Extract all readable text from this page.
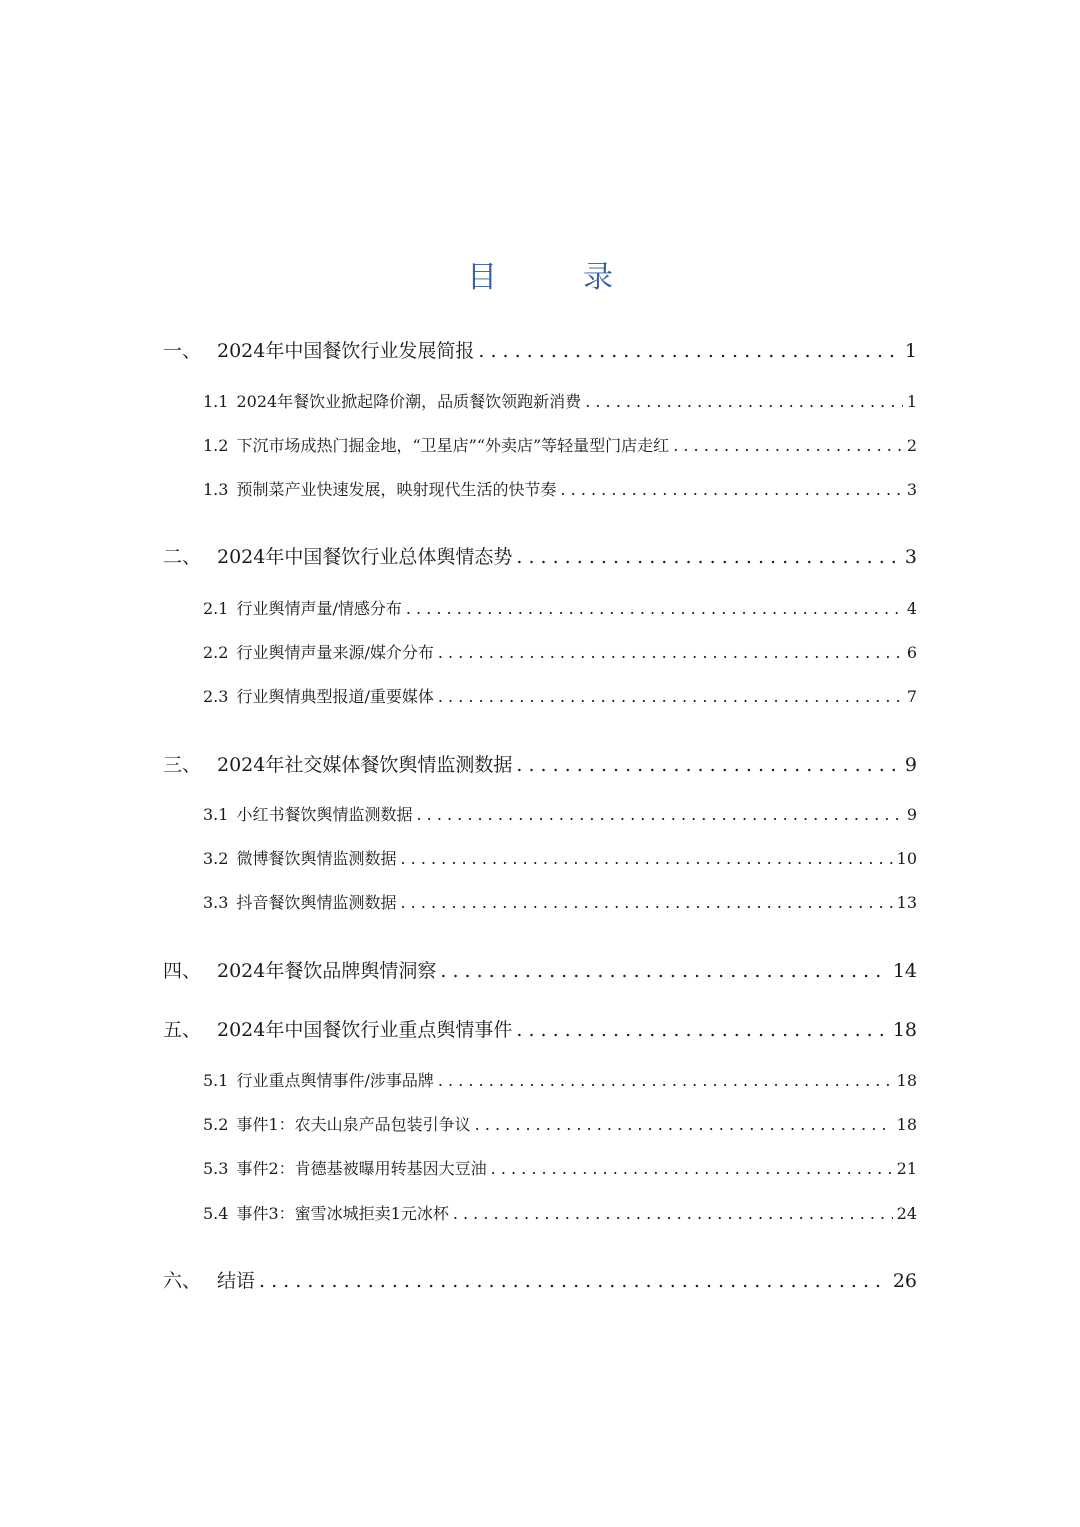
目　录
一、 2024年中国餐饮行业发展简报 . . .	1
1.1 2024年餐饮业掀起降价潮，品质餐饮领跑新消费 . . .	1
1.2 下沉市场成热门掘金地，“卫星店”“外卖店”等轻量型门店走红 . . .	2
1.3 预制菜产业快速发展，映射现代生活的快节奏 . . .	3
二、 2024年中国餐饮行业总体舆情态势 . . .	3
2.1 行业舆情声量/情感分布 . . .	4
2.2 行业舆情声量来源/媒介分布 . . .	6
2.3 行业舆情典型报道/重要媒体 . . .	7
三、 2024年社交媒体餐饮舆情监测数据 . . .	9
3.1 小红书餐饮舆情监测数据 . . .	9
3.2 微博餐饮舆情监测数据 . . .	10
3.3 抖音餐饮舆情监测数据 . . .	13
四、 2024年餐饮品牌舆情洞察 . . .	14
五、 2024年中国餐饮行业重点舆情事件 . . .	18
5.1 行业重点舆情事件/涉事品牌 . . .	18
5.2 事件1：农夫山泉产品包装引争议 . . .	18
5.3 事件2：肯德基被曝用转基因大豆油 . . .	21
5.4 事件3：蜜雪冰城拒卖1元冰杯 . . .	24
六、 结语 . . .	26
